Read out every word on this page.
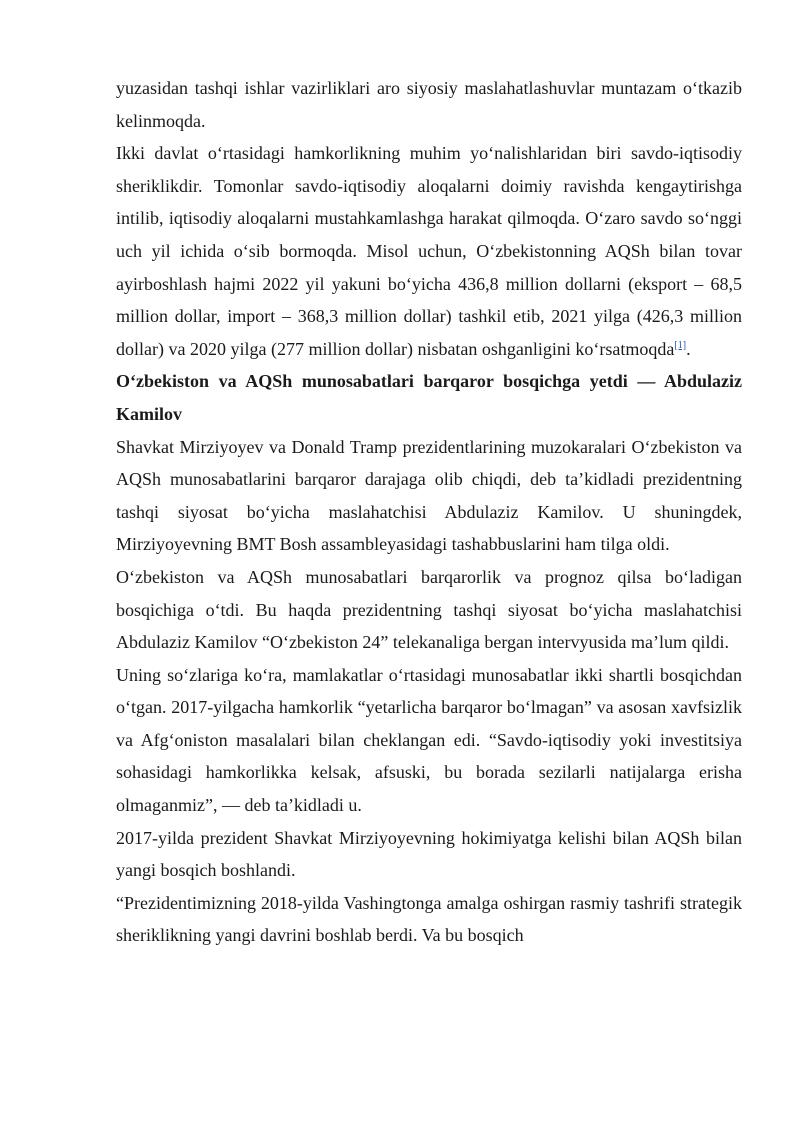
yuzasidan tashqi ishlar vazirliklari aro siyosiy maslahatlashuvlar muntazam o‘tkazib kelinmoqda.

Ikki davlat o‘rtasidagi hamkorlikning muhim yo‘nalishlaridan biri savdo-iqtisodiy sheriklikdir. Tomonlar savdo-iqtisodiy aloqalarni doimiy ravishda kengaytirishga intilib, iqtisodiy aloqalarni mustahkamlashga harakat qilmoqda. O‘zaro savdo so‘nggi uch yil ichida o‘sib bormoqda. Misol uchun, O‘zbekistonning AQSh bilan tovar ayirboshlash hajmi 2022 yil yakuni bo‘yicha 436,8 million dollarni (eksport – 68,5 million dollar, import – 368,3 million dollar) tashkil etib, 2021 yilga (426,3 million dollar) va 2020 yilga (277 million dollar) nisbatan oshganligini ko‘rsatmoqda[1].

O‘zbekiston va AQSh munosabatlari barqaror bosqichga yetdi — Abdulaziz Kamilov

Shavkat Mirziyoyev va Donald Tramp prezidentlarining muzokaralari O‘zbekiston va AQSh munosabatlarini barqaror darajaga olib chiqdi, deb ta’kidladi prezidentning tashqi siyosat bo‘yicha maslahatchisi Abdulaziz Kamilov. U shuningdek, Mirziyoyevning BMT Bosh assambleyasidagi tashabbuslarini ham tilga oldi.

O‘zbekiston va AQSh munosabatlari barqarorlik va prognoz qilsa bo‘ladigan bosqichiga o‘tdi. Bu haqda prezidentning tashqi siyosat bo‘yicha maslahatchisi Abdulaziz Kamilov “O‘zbekiston 24” telekanaliga bergan intervyusida ma’lum qildi.

Uning so‘zlariga ko‘ra, mamlakatlar o‘rtasidagi munosabatlar ikki shartli bosqichdan o‘tgan. 2017-yilgacha hamkorlik “yetarlicha barqaror bo‘lmagan” va asosan xavfsizlik va Afg‘oniston masalalari bilan cheklangan edi. “Savdo-iqtisodiy yoki investitsiya sohasidagi hamkorlikka kelsak, afsuski, bu borada sezilarli natijalarga erisha olmaganmiz”, — deb ta’kidladi u.

2017-yilda prezident Shavkat Mirziyoyevning hokimiyatga kelishi bilan AQSh bilan yangi bosqich boshlandi.

“Prezidentimizning 2018-yilda Vashingtonga amalga oshirgan rasmiy tashrifi strategik sheriklikning yangi davrini boshlab berdi. Va bu bosqich
